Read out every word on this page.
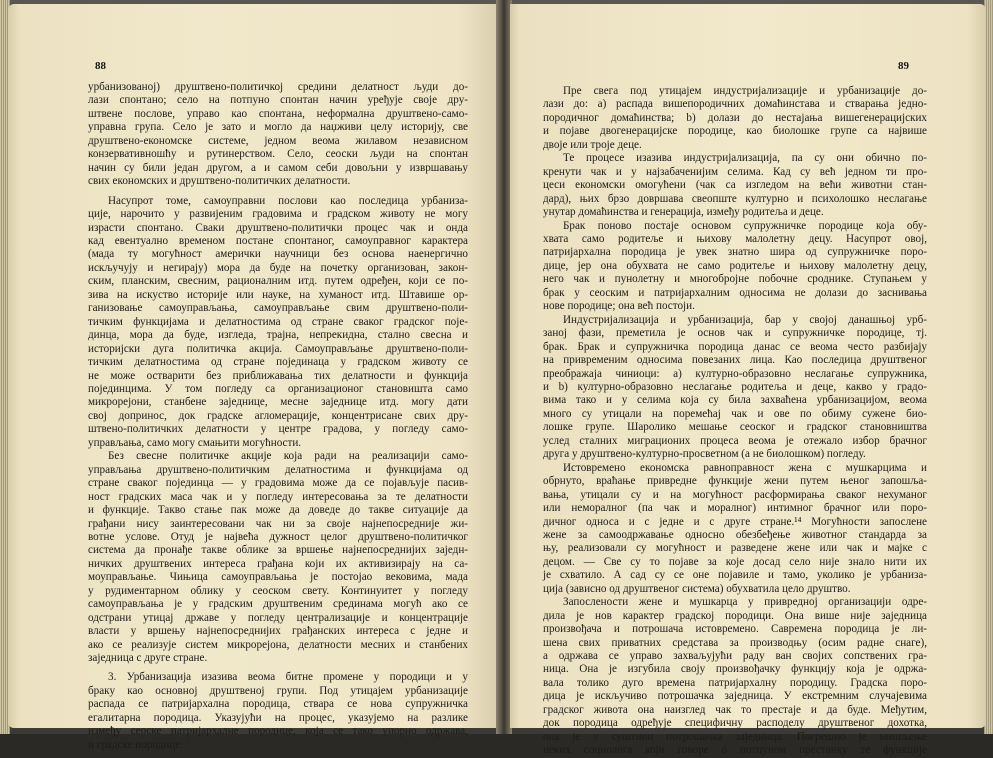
88
урбанизованој) друштвено-политичкој средини делатност људи до-
лази спонтано; село на потпуно спонтан начин уређује своје дру-
штвене послове, управо као спонтана, неформална друштвено-само-
управна група. Село је зато и могло да наџживи целу историју, све
друштвено-економске системе, једном веома жилавом независном
конзервативношћу и рутинерством. Село, сеоски људи на спонтан
начин су били један другом, а и самом себи довољни у извршавању
свих економских и друштвено-политичких делатности.
Насупрот томе, самоуправни послови као последица урбаниза-
ције, нарочито у развијеним градовима и градском животу не могу
израсти спонтано. Сваки друштвено-политички процес чак и онда
кад евентуално временом постане спонтаног, самоуправног карактера
(мада ту могућност амерички научници без основа наенергично
искључују и негирају) мора да буде на почетку организован, закон-
ским, планским, свесним, рационалним итд. путем одређен, који се по-
зива на искуство историје или науке, на хуманост итд. Штавише ор-
ганизовање самоуправљања, самоуправљање свим друштвено-поли-
тичким функцијама и делатностима од стране сваког градског поје-
динца, мора да буде, изгледа, трајна, непрекидна, стално свесна и
историјски дуга политичка акција. Самоуправљање друштвено-поли-
тичким делатностима од стране појединаца у градском животу се
не може остварити без приближавања тих делатности и функција
појединцима. У том погледу са организационог становишта само
микрорејони, станбене заједнице, месне заједнице итд. могу дати
свој допринос, док градске агломерације, концентрисане свих дру-
штвено-политичких делатности у центре градова, у погледу само-
управљања, само могу смањити могућности.
Без свесне политичке акције која ради на реализацији само-
управљања друштвено-политичким делатностима и функцијама од
стране сваког појединца — у градовима може да се појављује пасив-
ност градских маса чак и у погледу интересовања за те делатности
и функције. Такво стање пак може да доведе до такве ситуације да
грађани нису заинтересовани чак ни за своје најнепосредније жи-
вотне услове. Отуд је највећа дужност целог друштвено-политичког
система да пронађе такве облике за вршење најнепосреднијих заједн-
ничких друштвених интереса грађана који их активизирају на са-
моуправљање. Чињица самоуправљања је постојао вековима, мада
у рудиментарном облику у сеоском свету. Континуитет у погледу
самоуправљања је у градским друштвеним срединама могућ ако се
одстрани утицај државе у погледу централизације и концентрације
власти у вршењу најнепосреднијих грађанских интереса с једне и
ако се реализује систем микрорејона, делатности месних и станбених
заједница с друге стране.
3. Урбанизација изазива веома битне промене у породици и у
браку као основној друштвеној групи. Под утицајем урбанизације
распада се патријархална породица, ствара се нова супружничка
егалитарна породица. Указујући на процес, указујемо на разлике
између сеоске патријархалне породице, која се тако упорно одржава,
и градске породице:
89
Пре свега под утицајем индустријализације и урбанизације до-
лази до: а) распада вишепородичних домаћинстава и стварања једно-
породичног домаћинства; b) долази до нестајања вишегенерацијских
и појаве двогенерацијске породице, као биолошке групе са највише
двоје или троје деце.
Те процесе изазива индустријализација, па су они обично по-
кренути чак и у најзабаченијим селима. Кад су већ једном ти про-
цеси економски омогућени (чак са изгледом на већи животни стан-
дард), њих брзо довршава свеопште културно и психолошко неслагање
унутар домаћинства и генерација, између родитеља и деце.
Брак поново постаје основом супружничке породице која обу-
хвата само родитеље и њихову малолетну децу. Насупрот овој,
патријархална породица је увек знатно шира од супружничке поро-
дице, јер она обухвата не само родитеље и њихову малолетну децу,
него чак и пунолетну и многобројне побочне сроднике. Ступањем у
брак у сеоским и патријархалним односима не долази до заснивања
нове породице; она већ постоји.
Индустријализација и урбанизација, бар у својој данашњој урб-
заној фази, преметила је основ чак и супружничке породице, тј.
брак. Брак и супружничка породица данас се веома често разбијају
на привременим односима повезаних лица. Као последица друштвеног
преображаја чиниоци: а) културно-образовно неслагање супружника,
и b) културно-образовно неслагање родитеља и деце, какво у градо-
вима тако и у селима која су била захваћена урбанизацијом, веома
много су утицали на поремећај чак и ове по обиму сужене био-
лошке групе. Шаролико мешање сеоског и градског становништва
услед сталних миграционих процеса веома је отежало избор брачног
друга у друштвено-културно-просветном (а не биолошком) погледу.
Истовремено економска равноправност жена с мушкарцима и
обрнуто, враћање привредне функције жени путем њеног запошља-
вања, утицали су и на могућност расформирања сваког нехуманог
или неморалног (па чак и моралног) интимног брачног или поро-
дичног односа и с једне и с друге стране.¹⁴ Могућности запослене
жене за самоодржавање односно обезбеђење животног стандарда за
њу, реализовали су могућност и разведене жене или чак и мајке с
децом. — Све су то појаве за које досад село није знало нити их
је схватило. А сад су се оне појавиле и тамо, уколико је урбаниза-
ција (зависно од друштвеног система) обухватила цело друштво.
Запослености жене и мушкарца у привредној организацији одре-
дила је нов карактер градској породици. Она више није заједница
произвођача и потрошача истовремено. Савремена породица је ли-
шена свих приватних средстава за производњу (осим радне снаге),
а одржава се управо захваљујући раду ван својих сопствених гра-
ница. Она је изгубила своју произвођачку функцију која је одржа-
вала толико дуго времена патријархалну породицу. Градска поро-
дица је искључиво потрошачка заједница. У екстремним случајевима
градског живота она наизглед чак то престаје и да буде. Међутим,
док породица одређује специфичну расподелу друштвеног дохотка,
она је у суштини потрошачка заједница. Погрешно је мишљење
неких социолога који говоре о потпуном престанку те функције
